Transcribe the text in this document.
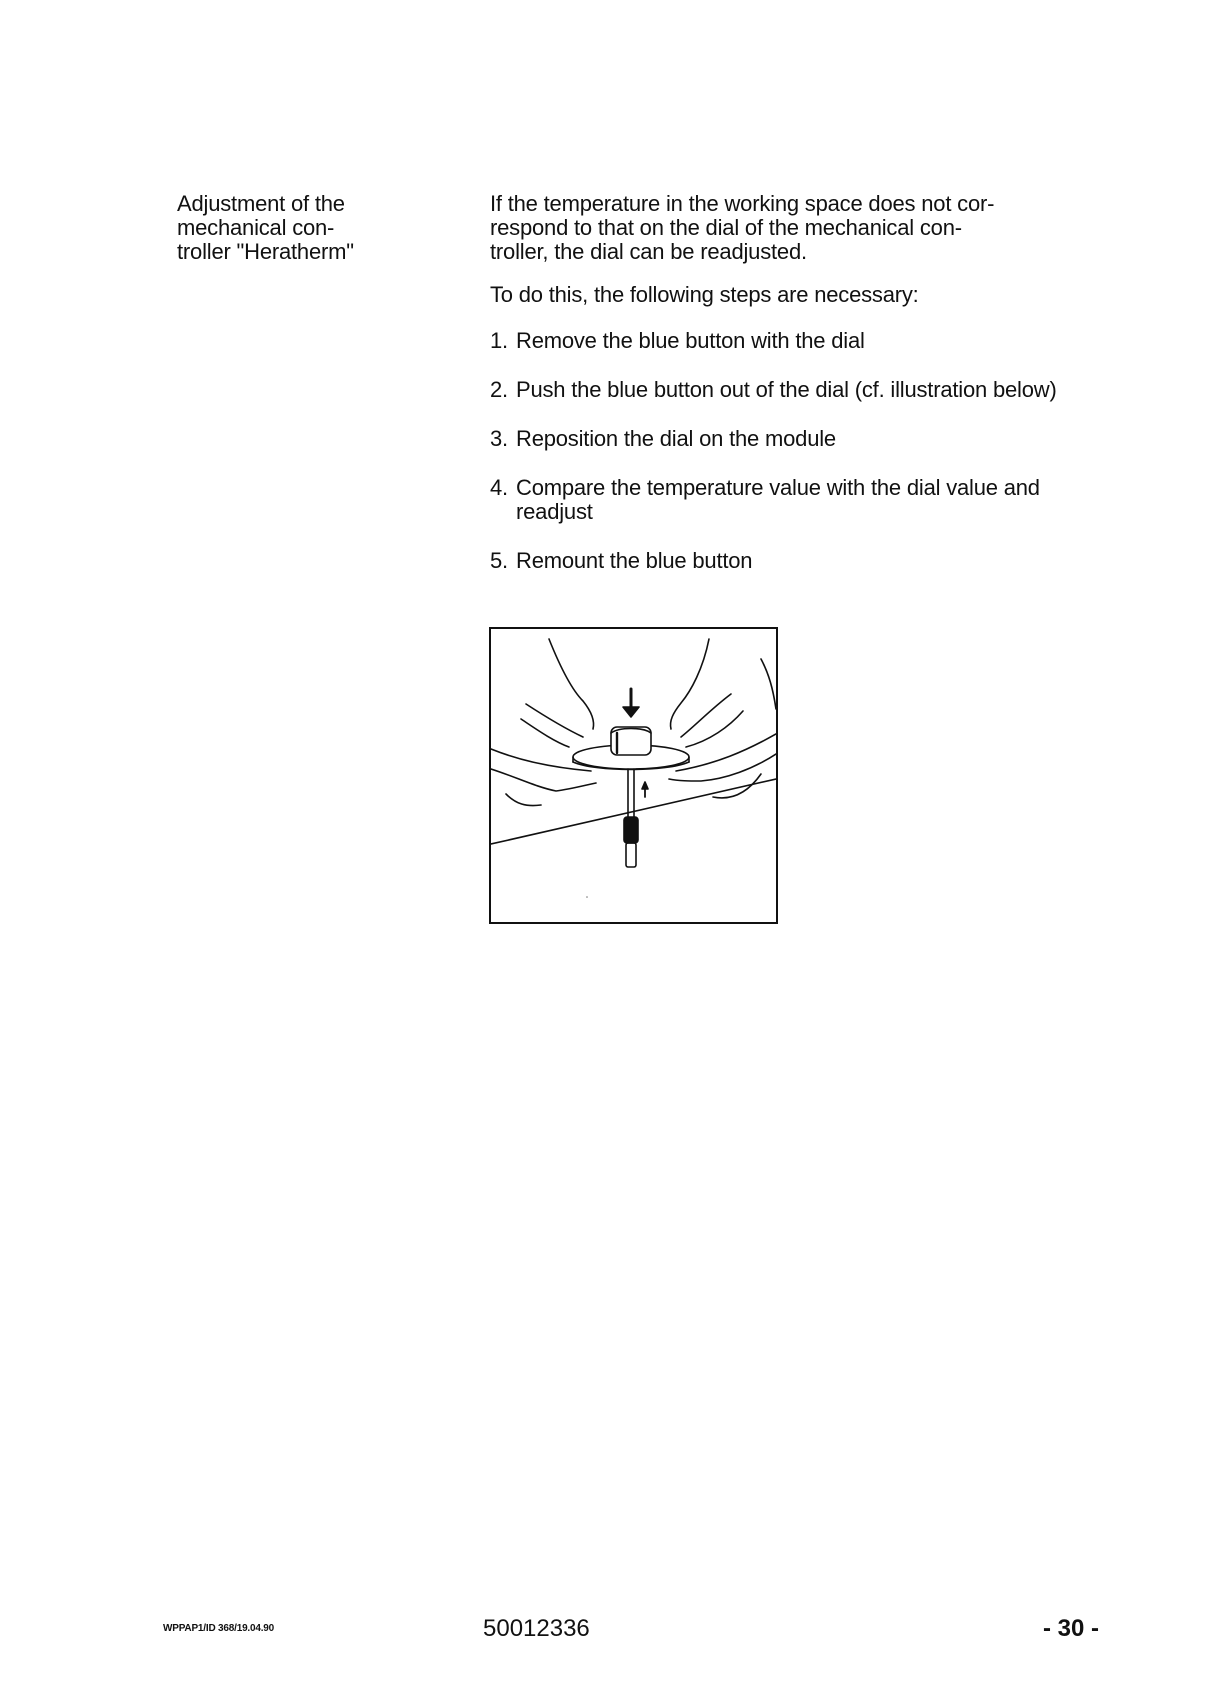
Adjustment of the
mechanical con-
troller "Heratherm"

If the temperature in the working space does not cor-
respond to that on the dial of the mechanical con-
troller, the dial can be readjusted.

To do this, the following steps are necessary:

1. Remove the blue button with the dial
2. Push the blue button out of the dial (cf. illustration below)
3. Reposition the dial on the module
4. Compare the temperature value with the dial value and
readjust
5. Remount the blue button
WPPAP1/ID 368/19.04.90	50012336	- 30 -
